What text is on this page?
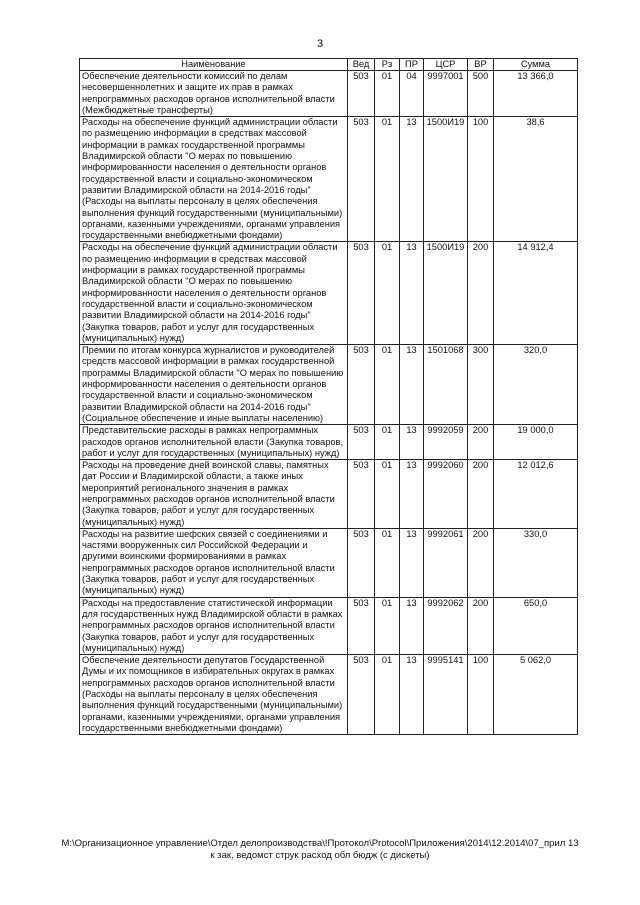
3
Наименование	Вед	Рз	ПР	ЦСР	ВР	Сумма
Обеспечение деятельности комиссий по делам несовершеннолетних и защите их прав в рамках непрограммных расходов органов исполнительной власти (Межбюджетные трансферты)	503	01	04	9997001	500	13 366,0
Расходы на обеспечение функций администрации области по размещению информации в средствах массовой информации в рамках государственной программы Владимирской области "О мерах по повышению информированности населения о деятельности органов государственной власти и социально-экономическом развитии Владимирской области на 2014-2016 годы" (Расходы на выплаты персоналу в целях обеспечения выполнения функций государственными (муниципальными) органами, казенными учреждениями, органами управления государственными внебюджетными фондами)	503	01	13	1500И19	100	38,6
Расходы на обеспечение функций администрации области по размещению информации в средствах массовой информации в рамках государственной программы Владимирской области "О мерах по повышению информированности населения о деятельности органов государственной власти и социально-экономическом развитии Владимирской области на 2014-2016 годы" (Закупка товаров, работ и услуг для государственных (муниципальных) нужд)	503	01	13	1500И19	200	14 912,4
Премии по итогам конкурса журналистов и руководителей средств массовой информации в рамках государственной программы Владимирской области "О мерах по повышению информированности населения о деятельности органов государственной власти и социально-экономическом развитии Владимирской области на 2014-2016 годы" (Социальное обеспечение и иные выплаты населению)	503	01	13	1501068	300	320,0
Представительские расходы в рамках непрограммных расходов органов исполнительной власти (Закупка товаров, работ и услуг для государственных (муниципальных) нужд)	503	01	13	9992059	200	19 000,0
Расходы на проведение дней воинской славы, памятных дат России и Владимирской области, а также иных мероприятий регионального значения в рамках непрограммных расходов органов исполнительной власти (Закупка товаров, работ и услуг для государственных (муниципальных) нужд)	503	01	13	9992060	200	12 012,6
Расходы на развитие шефских связей с соединениями и частями вооруженных сил Российской Федерации и другими воинскими формированиями в рамках непрограммных расходов органов исполнительной власти (Закупка товаров, работ и услуг для государственных (муниципальных) нужд)	503	01	13	9992061	200	330,0
Расходы на предоставление статистической информации для государственных нужд Владимирской области в рамках непрограммных расходов органов исполнительной власти (Закупка товаров, работ и услуг для государственных (муниципальных) нужд)	503	01	13	9992062	200	650,0
Обеспечение деятельности депутатов Государственной Думы и их помощников в избирательных округах в рамках непрограммных расходов органов исполнительной власти (Расходы на выплаты персоналу в целях обеспечения выполнения функций государственными (муниципальными) органами, казенными учреждениями, органами управления государственными внебюджетными фондами)	503	01	13	9995141	100	5 062,0
M:\Организационное управление\Отдел делопроизводства\!Протокол\Protocol\Приложения\2014\12.2014\07_прил 13
к зак, ведомст струк расход обл бюдж (с дискеты)
